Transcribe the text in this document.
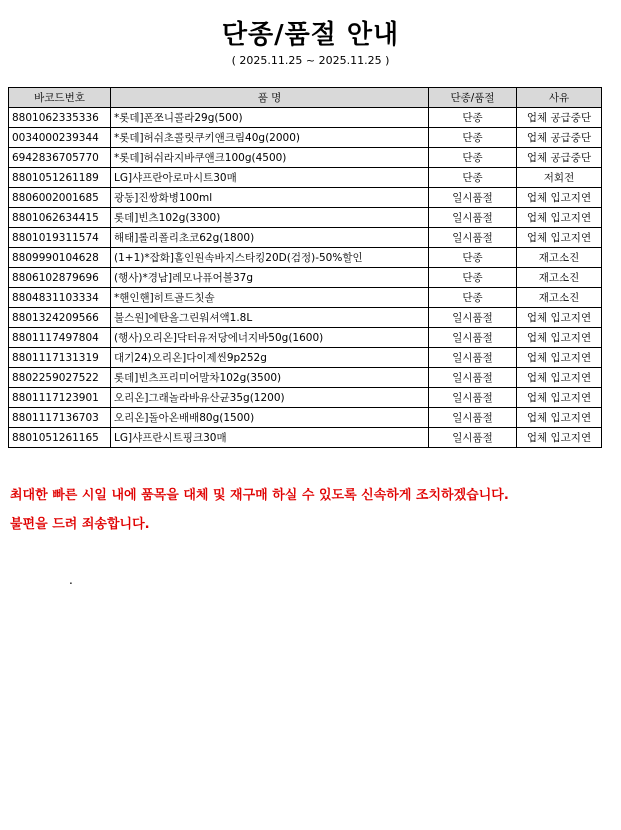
단종/품절 안내
( 2025.11.25 ~ 2025.11.25 )
바코드번호	품 명	단종/품절	사유
8801062335336	*롯데]폰쪼니콜라29g(500)	단종	업체 공급중단
0034000239344	*롯데]허쉬초콜릿쿠키앤크림40g(2000)	단종	업체 공급중단
6942836705770	*롯데]허쉬라지바쿠앤크100g(4500)	단종	업체 공급중단
8801051261189	LG]샤프란아로마시트30매	단종	저회전
8806002001685	광동]진쌍화병100ml	일시품절	업체 입고지연
8801062634415	롯데]빈츠102g(3300)	일시품절	업체 입고지연
8801019311574	해태]롤리폴리초코62g(1800)	일시품절	업체 입고지연
8809990104628	(1+1)*잡화]홀인원속바지스타킹20D(검정)-50%할인	단종	재고소진
8806102879696	(행사)*경남]레모나퓨어볼37g	단종	재고소진
8804831103334	*핸인핸]히트골드칫솔	단종	재고소진
8801324209566	불스원]에탄올그린워셔액1.8L	일시품절	업체 입고지연
8801117497804	(행사)오리온]닥터유저당에너지바50g(1600)	일시품절	업체 입고지연
8801117131319	대기24)오리온]다이제씬9p252g	일시품절	업체 입고지연
8802259027522	롯데]빈츠프리미어말차102g(3500)	일시품절	업체 입고지연
8801117123901	오리온]그래놀라바유산균35g(1200)	일시품절	업체 입고지연
8801117136703	오리온]돌아온배배80g(1500)	일시품절	업체 입고지연
8801051261165	LG]샤프란시트핑크30매	일시품절	업체 입고지연
최대한 빠른 시일 내에 품목을 대체 및 재구매 하실 수 있도록 신속하게 조치하겠습니다.
불편을 드려 죄송합니다.
.
